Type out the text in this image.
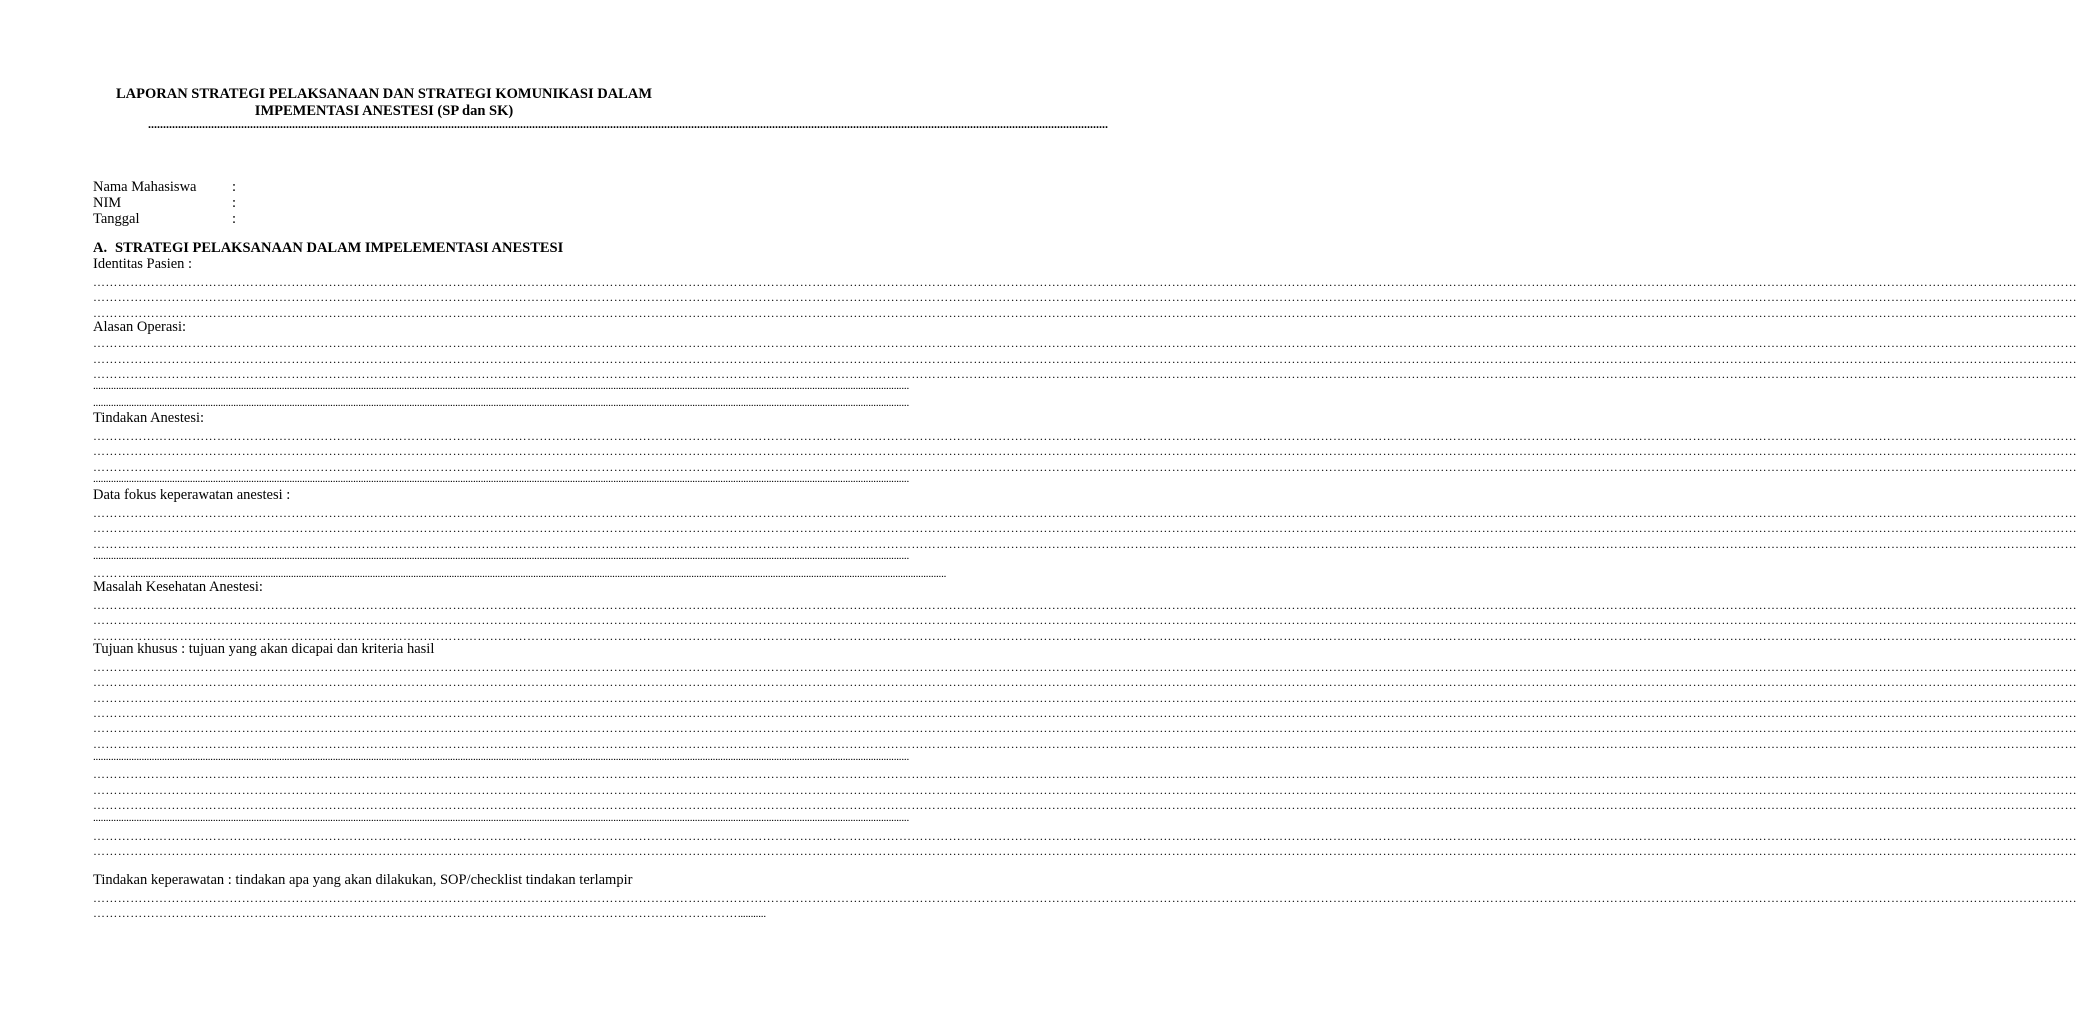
LAPORAN STRATEGI PELAKSANAAN DAN STRATEGI KOMUNIKASI DALAM
IMPEMENTASI ANESTESI (SP dan SK)
................................................................................................................................................................................................................................................................................................................................
Nama Mahasiswa :
NIM	:
Tanggal	:
A. STRATEGI PELAKSANAAN DALAM IMPELEMENTASI ANESTESI
Identitas Pasien :
…………………………………………………………………………………………………………………………………………………………………………………………………………………………………………………………………………………………………………………………………………………………………………………………………………………………………………
…………………………………………………………………………………………………………………………………………………………………………………………………………………………………………………………………………………………………………………………………………………………………………………………………………………………………………
…………………………………………………………………………………………………………………………………………………………………………………………………………………………………………………………………………………………………………………………………………………………………………………………………………………………………………
Alasan Operasi:
…………………………………………………………………………………………………………………………………………………………………………………………………………………………………………………………………………………………………………………………………………………………………………………………………………………………………………
…………………………………………………………………………………………………………………………………………………………………………………………………………………………………………………………………………………………………………………………………………………………………………………………………………………………………………
…………………………………………………………………………………………………………………………………………………………………………………………………………………………………………………………………………………………………………………………………………………………………………………………………………………………………………
................................................................................................................................................................................................................................................................................................................................
................................................................................................................................................................................................................................................................................................................................
Tindakan Anestesi:
…………………………………………………………………………………………………………………………………………………………………………………………………………………………………………………………………………………………………………………………………………………………………………………………………………………………………………
…………………………………………………………………………………………………………………………………………………………………………………………………………………………………………………………………………………………………………………………………………………………………………………………………………………………………………
…………………………………………………………………………………………………………………………………………………………………………………………………………………………………………………………………………………………………………………………………………………………………………………………………………………………………………
................................................................................................................................................................................................................................................................................................................................
Data fokus keperawatan anestesi :
…………………………………………………………………………………………………………………………………………………………………………………………………………………………………………………………………………………………………………………………………………………………………………………………………………………………………………
…………………………………………………………………………………………………………………………………………………………………………………………………………………………………………………………………………………………………………………………………………………………………………………………………………………………………………
…………………………………………………………………………………………………………………………………………………………………………………………………………………………………………………………………………………………………………………………………………………………………………………………………………………………………………
................................................................................................................................................................................................................................................................................................................................
………................................................................................................................................................................................................................................................................................................................................
Masalah Kesehatan Anestesi:
…………………………………………………………………………………………………………………………………………………………………………………………………………………………………………………………………………………………………………………………………………………………………………………………………………………………………………
…………………………………………………………………………………………………………………………………………………………………………………………………………………………………………………………………………………………………………………………………………………………………………………………………………………………………………
…………………………………………………………………………………………………………………………………………………………………………………………………………………………………………………………………………………………………………………………………………………………………………………………………………………………………………
Tujuan khusus : tujuan yang akan dicapai dan kriteria hasil
…………………………………………………………………………………………………………………………………………………………………………………………………………………………………………………………………………………………………………………………………………………………………………………………………………………………………………
…………………………………………………………………………………………………………………………………………………………………………………………………………………………………………………………………………………………………………………………………………………………………………………………………………………………………………
…………………………………………………………………………………………………………………………………………………………………………………………………………………………………………………………………………………………………………………………………………………………………………………………………………………………………………
…………………………………………………………………………………………………………………………………………………………………………………………………………………………………………………………………………………………………………………………………………………………………………………………………………………………………………
…………………………………………………………………………………………………………………………………………………………………………………………………………………………………………………………………………………………………………………………………………………………………………………………………………………………………………
…………………………………………………………………………………………………………………………………………………………………………………………………………………………………………………………………………………………………………………………………………………………………………………………………………………………………………
................................................................................................................................................................................................................................................................................................................................
…………………………………………………………………………………………………………………………………………………………………………………………………………………………………………………………………………………………………………………………………………………………………………………………………………………………………………
…………………………………………………………………………………………………………………………………………………………………………………………………………………………………………………………………………………………………………………………………………………………………………………………………………………………………………
…………………………………………………………………………………………………………………………………………………………………………………………………………………………………………………………………………………………………………………………………………………………………………………………………………………………………………
................................................................................................................................................................................................................................................................................................................................
…………………………………………………………………………………………………………………………………………………………………………………………………………………………………………………………………………………………………………………………………………………………………………………………………………………………………………
…………………………………………………………………………………………………………………………………………………………………………………………………………………………………………………………………………………………………………………………………………………………………………………………………………………………………………
Tindakan keperawatan : tindakan apa yang akan dilakukan, SOP/checklist tindakan terlampir
…………………………………………………………………………………………………………………………………………………………………………………………………………………………………………………………………………………………………………………………………………………………………………………………………………………………………………
…………………………………………………………………………………………………………………………………………...........
